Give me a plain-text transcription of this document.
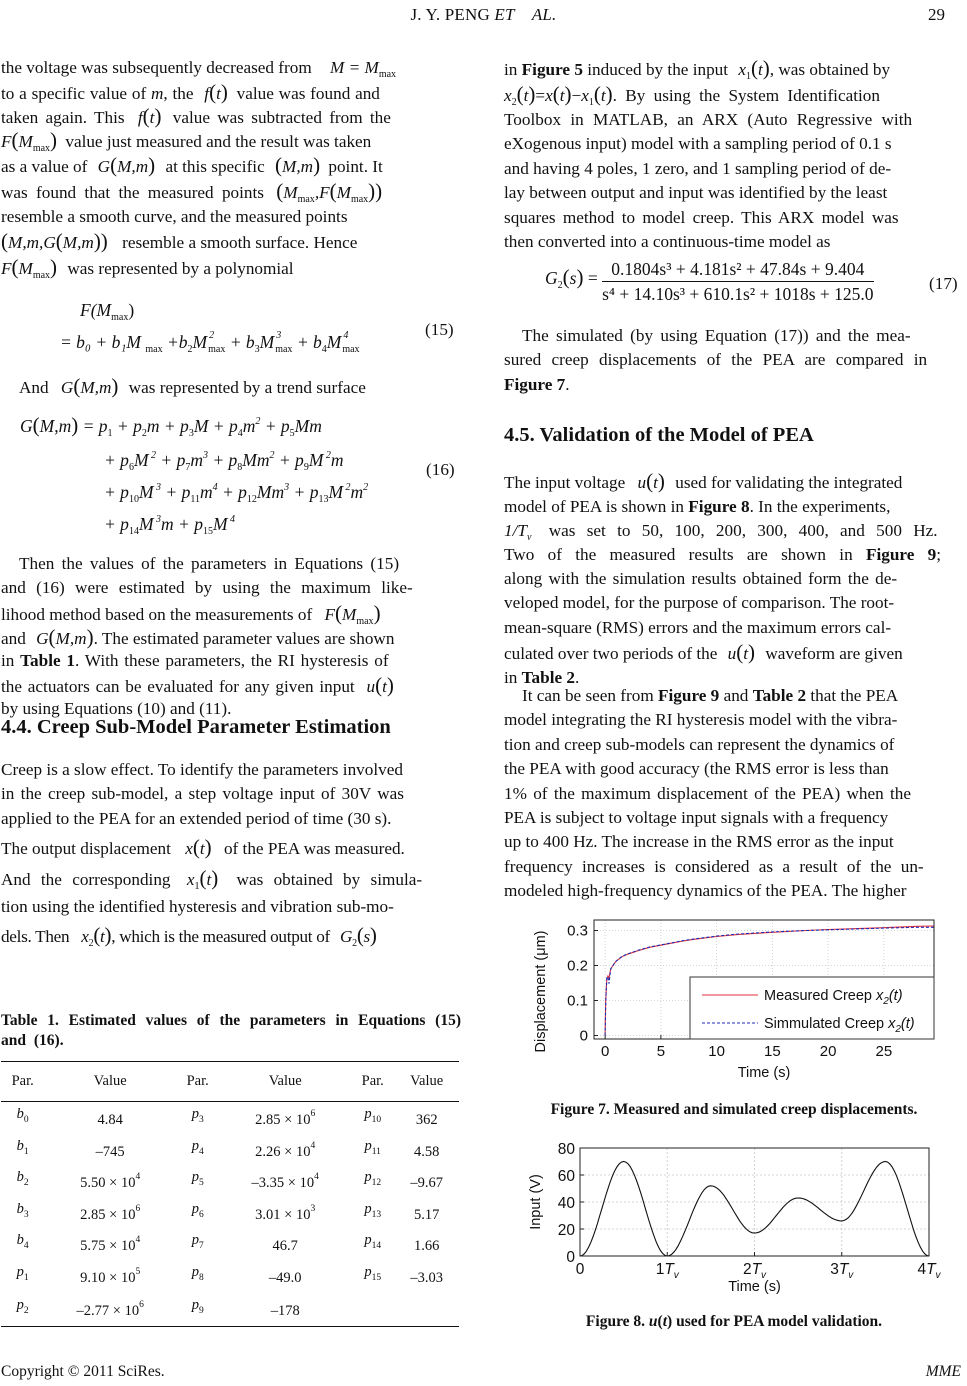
J. Y. PENG ET    AL.	29
the voltage was subsequently decreased from $M = M_{max}$
to a specific value of m, the f(t) value was found and
taken again. This f(t) value was subtracted from the
$F(M_{max})$ value just measured and the result was taken
as a value of G(M,m) at this specific (M,m) point. It
was found that the measured points $(M_{max},F(M_{max}))$
resemble a smooth curve, and the measured points
(M,m,G(M,m)) resemble a smooth surface. Hence
$F(M_{max})$ was represented by a polynomial
$F(M_{max})$
= b₀ + b₁M $_{max} +b_2M$ 2
$_{max} + b_3M$ 3
$_{max} + b_4M$ 4
$_{max}$
(15)
And G(M,m) was represented by a trend surface
$G(M,m) = p_1 + p_2m + p_3M + p_4m^2 + p_5Mm$
+ $p_6M$ $^2 + p_7m^3 + p_8Mm^2 + p_9M$ $^2$m
+ $p_{10}M$ $^3 + p_{11}m^4 + p_{12}Mm^3 + p_{13}M$ $^2m^2$
+ $p_{14}M$ $^3m + p_{15}M$ $^4$
(16)

Then the values of the parameters in Equations (15)

and (16) were estimated by using the maximum like-

lihood method based on the measurements of $F(M_{max})$
and G(M,m). The estimated parameter values are shown
in Table 1. With these parameters, the RI hysteresis of
the actuators can be evaluated for any given input u(t)

by using Equations (10) and (11).

4.4. Creep Sub-Model Parameter Estimation

Creep is a slow effect. To identify the parameters involved

in the creep sub-model, a step voltage input of 30V was

applied to the PEA for an extended period of time (30 s).

The output displacement x(t) of the PEA was measured.
And the corresponding $x_1(t)$ was obtained by simula-

tion using the identified hysteresis and vibration sub-mo-

dels. Then $x_2(t)$, which is the measured output of $G_2(s)$
Table 1. Estimated values of the parameters in Equations (15) and (16).
Par.	Value	Par.	Value	Par.	Value
$b_0$	4.84	$p_3$	$2.85 \times 10^6$	$p_{10}$	362
$b_1$	–745	$p_4$	$2.26 \times 10^4$	$p_{11}$	4.58
$b_2$	$5.50 \times 10^4$	$p_5$	$-3.35 \times 10^4$	$p_{12}$	–9.67
$b_3$	$2.85 \times 10^6$	$p_6$	$3.01 \times 10^3$	$p_{13}$	5.17
$b_4$	$5.75 \times 10^4$	$p_7$	46.7	$p_{14}$	1.66
$p_1$	$9.10 \times 10^5$	$p_8$	–49.0	$p_{15}$	–3.03
$p_2$	$-2.77 \times 10^6$	$p_9$	–178		
in Figure 5 induced by the input $x_1(t)$, was obtained by
$x_2(t)=x(t)-x_1(t)$. By using the System Identification

Toolbox in MATLAB, an ARX (Auto Regressive with

eXogenous input) model with a sampling period of 0.1 s

and having 4 poles, 1 zero, and 1 sampling period of de-

lay between output and input was identified by the least

squares method to model creep. This ARX model was

then converted into a continuous-time model as

$G_2(s) = \frac{\text{0.1804s³ + 4.181s² + 47.84s + 9.404}}{\text{s⁴ + 14.10s³ + 610.1s² + 1018s + 125.0}}$	(17)

The simulated (by using Equation (17)) and the mea-

sured creep displacements of the PEA are compared in

Figure 7.
4.5. Validation of the Model of PEA
The input voltage u(t) used for validating the integrated
model of PEA is shown in Figure 8. In the experiments,
$1/T_v$ was set to 50, 100, 200, 300, 400, and 500 Hz.
Two of the measured results are shown in Figure 9;

along with the simulation results obtained form the de-

veloped model, for the purpose of comparison. The root-

mean-square (RMS) errors and the maximum errors cal-

culated over two periods of the u(t) waveform are given
in Table 2.
It can be seen from Figure 9 and Table 2 that the PEA

model integrating the RI hysteresis model with the vibra-

tion and creep sub-models can represent the dynamics of

the PEA with good accuracy (the RMS error is less than

1% of the maximum displacement of the PEA) when the

PEA is subject to voltage input signals with a frequency

up to 400 Hz. The increase in the RMS error as the input

frequency increases is considered as a result of the un-

modeled high-frequency dynamics of the PEA. The higher

0	5	10	15	20	25
0
0.1
0.2
0.3
Time (s)
Displacement (μm)	Measured Creep $x_2(t)$
Simmulated Creep $x_2(t)$
Figure 7. Measured and simulated creep displacements.
0	$1T_v$	$2T_v$	$3T_v$	$4T_v$
0
20
40
60
80
Time (s)
Input (V)
Figure 8. u(t) used for PEA model validation.
Copyright © 2011 SciRes.	MME
